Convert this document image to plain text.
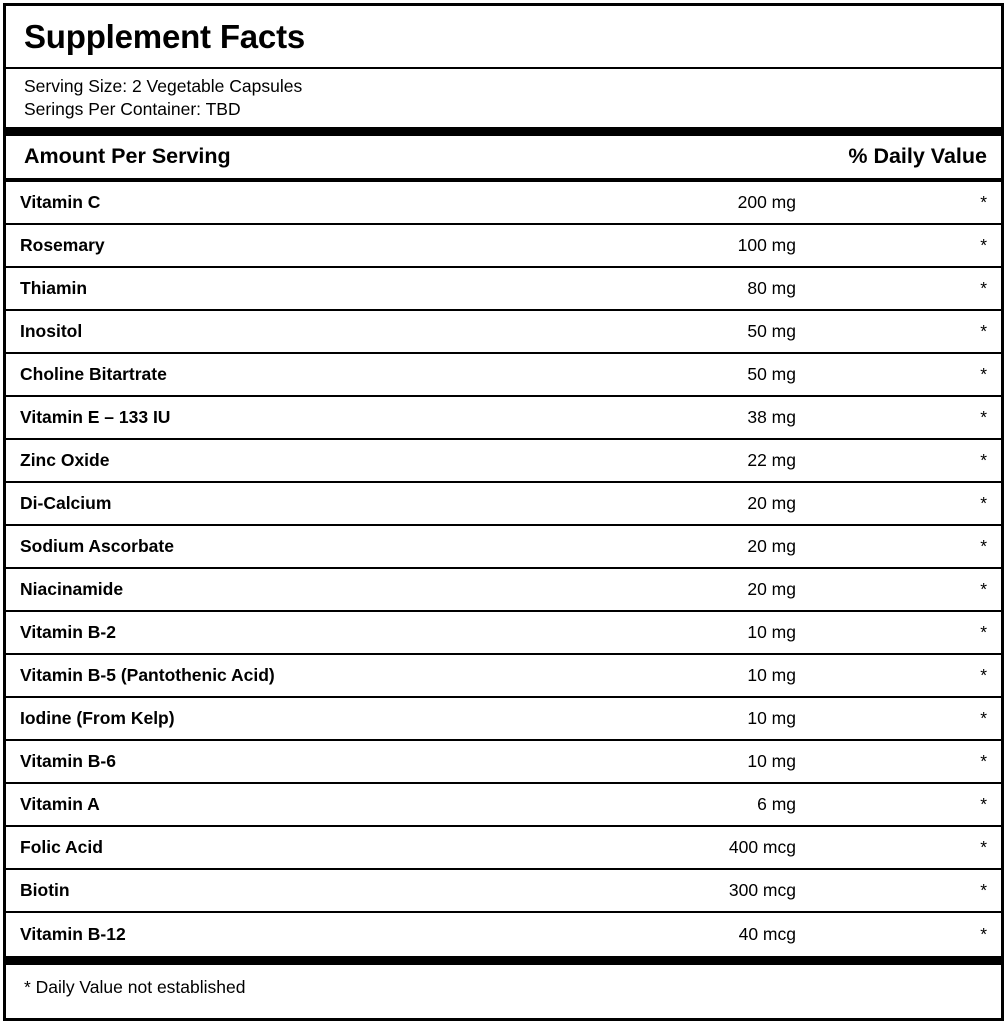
Supplement Facts
Serving Size: 2 Vegetable Capsules
Serings Per Container: TBD
Amount Per Serving	% Daily Value
Vitamin C	200 mg	*
Rosemary	100 mg	*
Thiamin	80 mg	*
Inositol	50 mg	*
Choline Bitartrate	50 mg	*
Vitamin E – 133 IU	38 mg	*
Zinc Oxide	22 mg	*
Di-Calcium	20 mg	*
Sodium Ascorbate	20 mg	*
Niacinamide	20 mg	*
Vitamin B-2	10 mg	*
Vitamin B-5 (Pantothenic Acid)	10 mg	*
Iodine (From Kelp)	10 mg	*
Vitamin B-6	10 mg	*
Vitamin A	6 mg	*
Folic Acid	400 mcg	*
Biotin	300 mcg	*
Vitamin B-12	40 mcg	*
* Daily Value not established
